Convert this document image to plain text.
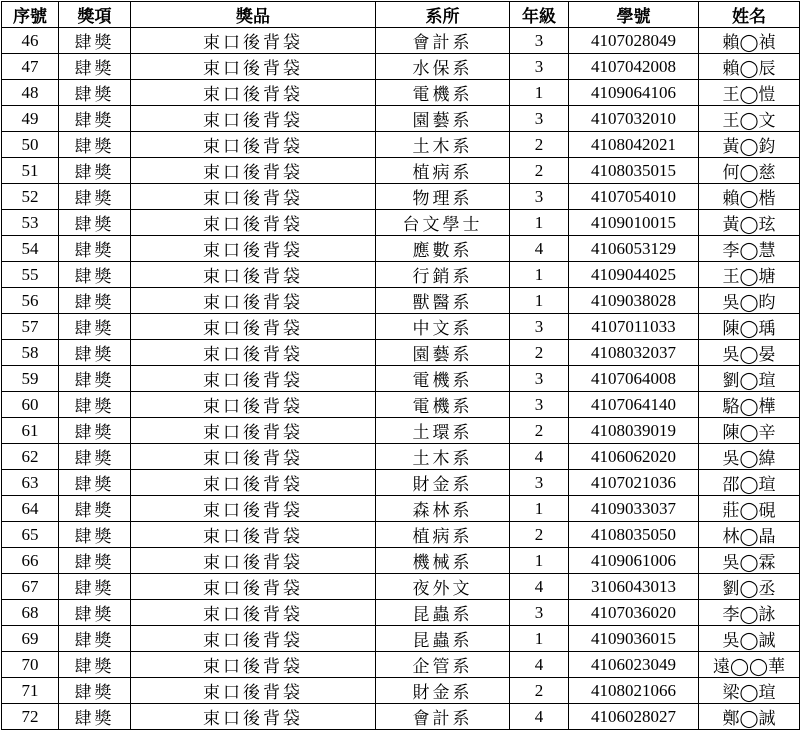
序號	獎項	獎品	系所	年級	學號	姓名
46	肆獎	束口後背袋	會計系	3	4107028049	賴◯禎
47	肆獎	束口後背袋	水保系	3	4107042008	賴◯辰
48	肆獎	束口後背袋	電機系	1	4109064106	王◯愷
49	肆獎	束口後背袋	園藝系	3	4107032010	王◯文
50	肆獎	束口後背袋	土木系	2	4108042021	黃◯鈞
51	肆獎	束口後背袋	植病系	2	4108035015	何◯慈
52	肆獎	束口後背袋	物理系	3	4107054010	賴◯楷
53	肆獎	束口後背袋	台文學士	1	4109010015	黃◯玹
54	肆獎	束口後背袋	應數系	4	4106053129	李◯慧
55	肆獎	束口後背袋	行銷系	1	4109044025	王◯塘
56	肆獎	束口後背袋	獸醫系	1	4109038028	吳◯昀
57	肆獎	束口後背袋	中文系	3	4107011033	陳◯瑀
58	肆獎	束口後背袋	園藝系	2	4108032037	吳◯晏
59	肆獎	束口後背袋	電機系	3	4107064008	劉◯瑄
60	肆獎	束口後背袋	電機系	3	4107064140	駱◯樺
61	肆獎	束口後背袋	土環系	2	4108039019	陳◯辛
62	肆獎	束口後背袋	土木系	4	4106062020	吳◯緯
63	肆獎	束口後背袋	財金系	3	4107021036	邵◯瑄
64	肆獎	束口後背袋	森林系	1	4109033037	莊◯硯
65	肆獎	束口後背袋	植病系	2	4108035050	林◯晶
66	肆獎	束口後背袋	機械系	1	4109061006	吳◯霖
67	肆獎	束口後背袋	夜外文	4	3106043013	劉◯丞
68	肆獎	束口後背袋	昆蟲系	3	4107036020	李◯詠
69	肆獎	束口後背袋	昆蟲系	1	4109036015	吳◯誠
70	肆獎	束口後背袋	企管系	4	4106023049	遠◯◯華
71	肆獎	束口後背袋	財金系	2	4108021066	梁◯瑄
72	肆獎	束口後背袋	會計系	4	4106028027	鄭◯誠
